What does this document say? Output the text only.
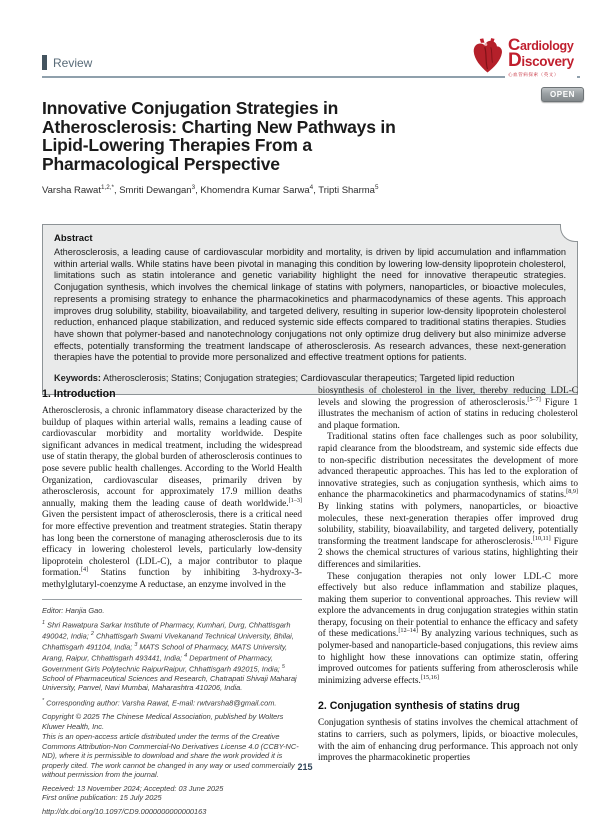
Review
Cardiology
Discovery
心血管病探索（英文）
OPEN
Innovative Conjugation Strategies in
Atherosclerosis: Charting New Pathways in
Lipid-Lowering Therapies From a
Pharmacological Perspective
Varsha Rawat$^{1,2,*}$, Smriti Dewangan$^3$, Khomendra Kumar Sarwa$^4$, Tripti Sharma$^5$
Abstract
Atherosclerosis, a leading cause of cardiovascular morbidity and mortality, is driven by lipid accumulation and inflammation within arterial walls. While statins have been pivotal in managing this condition by lowering low-density lipoprotein cholesterol, limitations such as statin intolerance and genetic variability highlight the need for innovative therapeutic strategies. Conjugation synthesis, which involves the chemical linkage of statins with polymers, nanoparticles, or bioactive molecules, represents a promising strategy to enhance the pharmacokinetics and pharmacodynamics of these agents. This approach improves drug solubility, stability, bioavailability, and targeted delivery, resulting in superior low-density lipoprotein cholesterol reduction, enhanced plaque stabilization, and reduced systemic side effects compared to traditional statins therapies. Studies have shown that polymer-based and nanotechnology conjugations not only optimize drug delivery but also minimize adverse effects, potentially transforming the treatment landscape of atherosclerosis. As research advances, these next-generation therapies have the potential to provide more personalized and effective treatment options for patients.
Keywords: Atherosclerosis; Statins; Conjugation strategies; Cardiovascular therapeutics; Targeted lipid reduction
1. Introduction
Atherosclerosis, a chronic inflammatory disease characterized by the buildup of plaques within arterial walls, remains a leading cause of cardiovascular morbidity and mortality worldwide. Despite significant advances in medical treatment, including the widespread use of statin therapy, the global burden of atherosclerosis continues to pose severe public health challenges. According to the World Health Organization, cardiovascular diseases, primarily driven by atherosclerosis, account for approximately 17.9 million deaths annually, making them the leading cause of death worldwide.[1–3] Given the persistent impact of atherosclerosis, there is a critical need for more effective prevention and treatment strategies. Statin therapy has long been the cornerstone of managing atherosclerosis due to its efficacy in lowering cholesterol levels, particularly low-density lipoprotein cholesterol (LDL-C), a major contributor to plaque formation.[4] Statins function by inhibiting 3-hydroxy-3-methylglutaryl-coenzyme A reductase, an enzyme involved in the
Editor: Hanjia Gao.
$^1$ Shri Rawatpura Sarkar Institute of Pharmacy, Kumhari, Durg, Chhattisgarh 490042, India; $^2$ Chhattisgarh Swami Vivekanand Technical University, Bhilai, Chhattisgarh 491104, India; $^3$ MATS School of Pharmacy, MATS University, Arang, Raipur, Chhattisgarh 493441, India; $^4$ Department of Pharmacy, Government Girls Polytechnic RaipurRaipur, Chhattisgarh 492015, India; $^5$ School of Pharmaceutical Sciences and Research, Chatrapati Shivaji Maharaj University, Panvel, Navi Mumbai, Maharashtra 410206, India.
* Corresponding author: Varsha Rawat, E-mail: rwtvarsha8@gmail.com.
Copyright © 2025 The Chinese Medical Association, published by Wolters Kluwer Health, Inc.
This is an open-access article distributed under the terms of the Creative Commons Attribution-Non Commercial-No Derivatives License 4.0 (CCBY-NC-ND), where it is permissible to download and share the work provided it is properly cited. The work cannot be changed in any way or used commercially without permission from the journal.
Received: 13 November 2024; Accepted: 03 June 2025
First online publication: 15 July 2025
http://dx.doi.org/10.1097/CD9.0000000000000163
biosynthesis of cholesterol in the liver, thereby reducing LDL-C levels and slowing the progression of atherosclerosis.[5–7] Figure 1 illustrates the mechanism of action of statins in reducing cholesterol and plaque formation.
Traditional statins often face challenges such as poor solubility, rapid clearance from the bloodstream, and systemic side effects due to non-specific distribution necessitates the development of more advanced therapeutic approaches. This has led to the exploration of innovative strategies, such as conjugation synthesis, which aims to enhance the pharmacokinetics and pharmacodynamics of statins.[8,9] By linking statins with polymers, nanoparticles, or bioactive molecules, these next-generation therapies offer improved drug solubility, stability, bioavailability, and targeted delivery, potentially transforming the treatment landscape for atherosclerosis.[10,11] Figure 2 shows the chemical structures of various statins, highlighting their differences and similarities.
These conjugation therapies not only lower LDL-C more effectively but also reduce inflammation and stabilize plaques, making them superior to conventional approaches. This review will explore the advancements in drug conjugation strategies within statin therapy, focusing on their potential to enhance the efficacy and safety of these medications.[12–14] By analyzing various techniques, such as polymer-based and nanoparticle-based conjugations, this review aims to highlight how these innovations can optimize statin, offering improved outcomes for patients suffering from atherosclerosis while minimizing adverse effects.[15,16]
2. Conjugation synthesis of statins drug
Conjugation synthesis of statins involves the chemical attachment of statins to carriers, such as polymers, lipids, or bioactive molecules, with the aim of enhancing drug performance. This approach not only improves the pharmacokinetic properties
215
